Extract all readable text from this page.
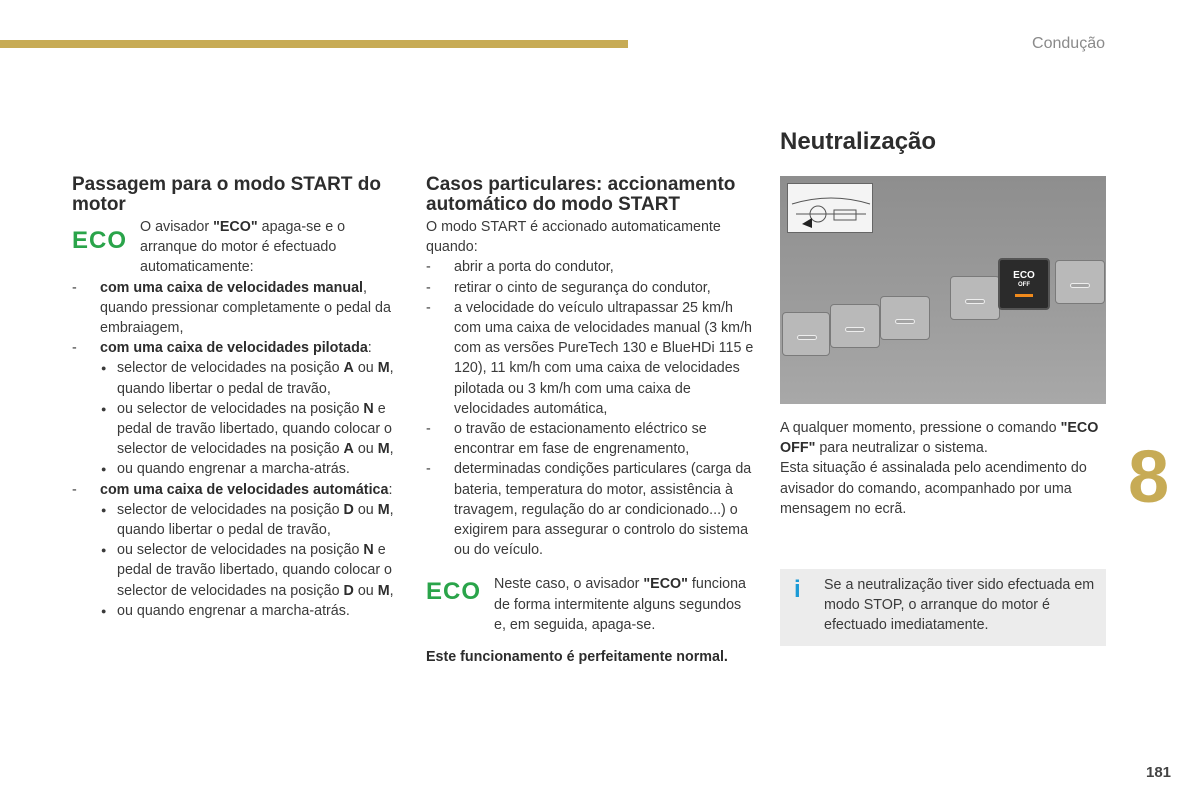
Condução
Passagem para o modo START do motor
ECO O avisador "ECO" apaga-se e o arranque do motor é efectuado automaticamente:
- com uma caixa de velocidades manual, quando pressionar completamente o pedal da embraiagem,
- com uma caixa de velocidades pilotada:
● selector de velocidades na posição A ou M, quando libertar o pedal de travão,
● ou selector de velocidades na posição N e pedal de travão libertado, quando colocar o selector de velocidades na posição A ou M,
● ou quando engrenar a marcha-atrás.
- com uma caixa de velocidades automática:
● selector de velocidades na posição D ou M, quando libertar o pedal de travão,
● ou selector de velocidades na posição N e pedal de travão libertado, quando colocar o selector de velocidades na posição D ou M,
● ou quando engrenar a marcha-atrás.
Casos particulares: accionamento automático do modo START
O modo START é accionado automaticamente quando:
- abrir a porta do condutor,
- retirar o cinto de segurança do condutor,
- a velocidade do veículo ultrapassar 25 km/h com uma caixa de velocidades manual (3 km/h com as versões PureTech 130 e BlueHDi 115 e 120), 11 km/h com uma caixa de velocidades pilotada ou 3 km/h com uma caixa de velocidades automática,
- o travão de estacionamento eléctrico se encontrar em fase de engrenamento,
- determinadas condições particulares (carga da bateria, temperatura do motor, assistência à travagem, regulação do ar condicionado...) o exigirem para assegurar o controlo do sistema ou do veículo.
ECO Neste caso, o avisador "ECO" funciona de forma intermitente alguns segundos e, em seguida, apaga-se.
Este funcionamento é perfeitamente normal.
Neutralização
ECO
OFF
A qualquer momento, pressione o comando "ECO OFF" para neutralizar o sistema.
Esta situação é assinalada pelo acendimento do avisador do comando, acompanhado por uma mensagem no ecrã.
i	Se a neutralização tiver sido efectuada em modo STOP, o arranque do motor é efectuado imediatamente.
8
181
